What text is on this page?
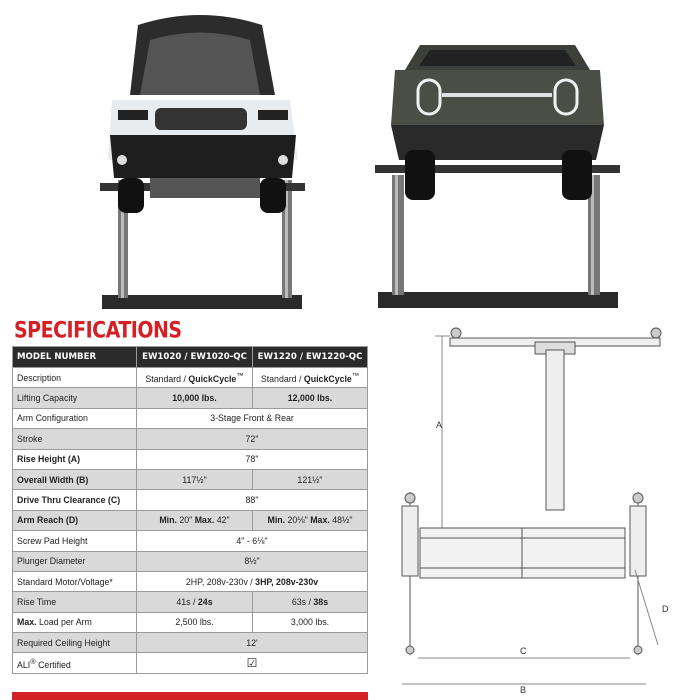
SPECIFICATIONS
MODEL NUMBER	EW1020 / EW1020-QC	EW1220 / EW1220-QC
Description	Standard / QuickCycle™	Standard / QuickCycle™
Lifting Capacity	10,000 lbs.	12,000 lbs.
Arm Configuration	3-Stage Front & Rear	
Stroke	72"	
Rise Height (A)	78"	
Overall Width (B)	117½"	121½"
Drive Thru Clearance (C)	88"	
Arm Reach (D)	Min. 20" Max. 42"	Min. 20⅛" Max. 48½"
Screw Pad Height	4" - 6⅛"	
Plunger Diameter	8½"	
Standard Motor/Voltage*	2HP, 208v-230v / 3HP, 208v-230v	
Rise Time	41s / 24s	63s / 38s
Max. Load per Arm	2,500 lbs.	3,000 lbs.
Required Ceiling Height	12'	
ALI® Certified	☑	
A
D
C
B
